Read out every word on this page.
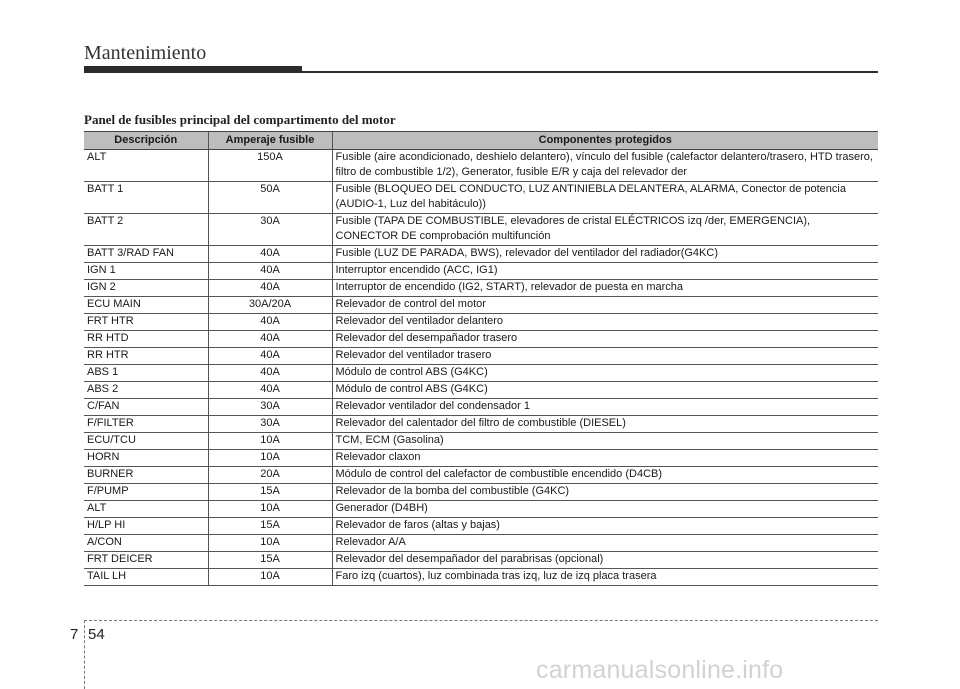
Mantenimiento
Panel de fusibles principal del compartimento del motor
Descripción	Amperaje fusible	Componentes protegidos
ALT	150A	Fusible (aire acondicionado, deshielo delantero), vínculo del fusible (calefactor delantero/trasero, HTD trasero, filtro de combustible 1/2), Generator, fusible E/R y caja del relevador der
BATT 1	50A	Fusible (BLOQUEO DEL CONDUCTO, LUZ ANTINIEBLA DELANTERA, ALARMA, Conector de potencia (AUDIO-1, Luz del habitáculo))
BATT 2	30A	Fusible (TAPA DE COMBUSTIBLE, elevadores de cristal ELÉCTRICOS izq /der, EMERGENCIA), CONECTOR DE comprobación multifunción
BATT 3/RAD FAN	40A	Fusible (LUZ DE PARADA, BWS), relevador del ventilador del radiador(G4KC)
IGN 1	40A	Interruptor encendido (ACC, IG1)
IGN 2	40A	Interruptor de encendido (IG2, START), relevador de puesta en marcha
ECU MAIN	30A/20A	Relevador de control del motor
FRT HTR	40A	Relevador del ventilador delantero
RR HTD	40A	Relevador del desempañador trasero
RR HTR	40A	Relevador del ventilador trasero
ABS 1	40A	Módulo de control ABS (G4KC)
ABS 2	40A	Módulo de control ABS (G4KC)
C/FAN	30A	Relevador ventilador del condensador 1
F/FILTER	30A	Relevador del calentador del filtro de combustible (DIESEL)
ECU/TCU	10A	TCM, ECM (Gasolina)
HORN	10A	Relevador claxon
BURNER	20A	Módulo de control del calefactor de combustible encendido (D4CB)
F/PUMP	15A	Relevador de la bomba del combustible (G4KC)
ALT	10A	Generador (D4BH)
H/LP HI	15A	Relevador de faros (altas y bajas)
A/CON	10A	Relevador A/A
FRT DEICER	15A	Relevador del desempañador del parabrisas (opcional)
TAIL LH	10A	Faro izq (cuartos), luz combinada tras izq, luz de izq placa trasera
7 54
carmanualsonline.info
